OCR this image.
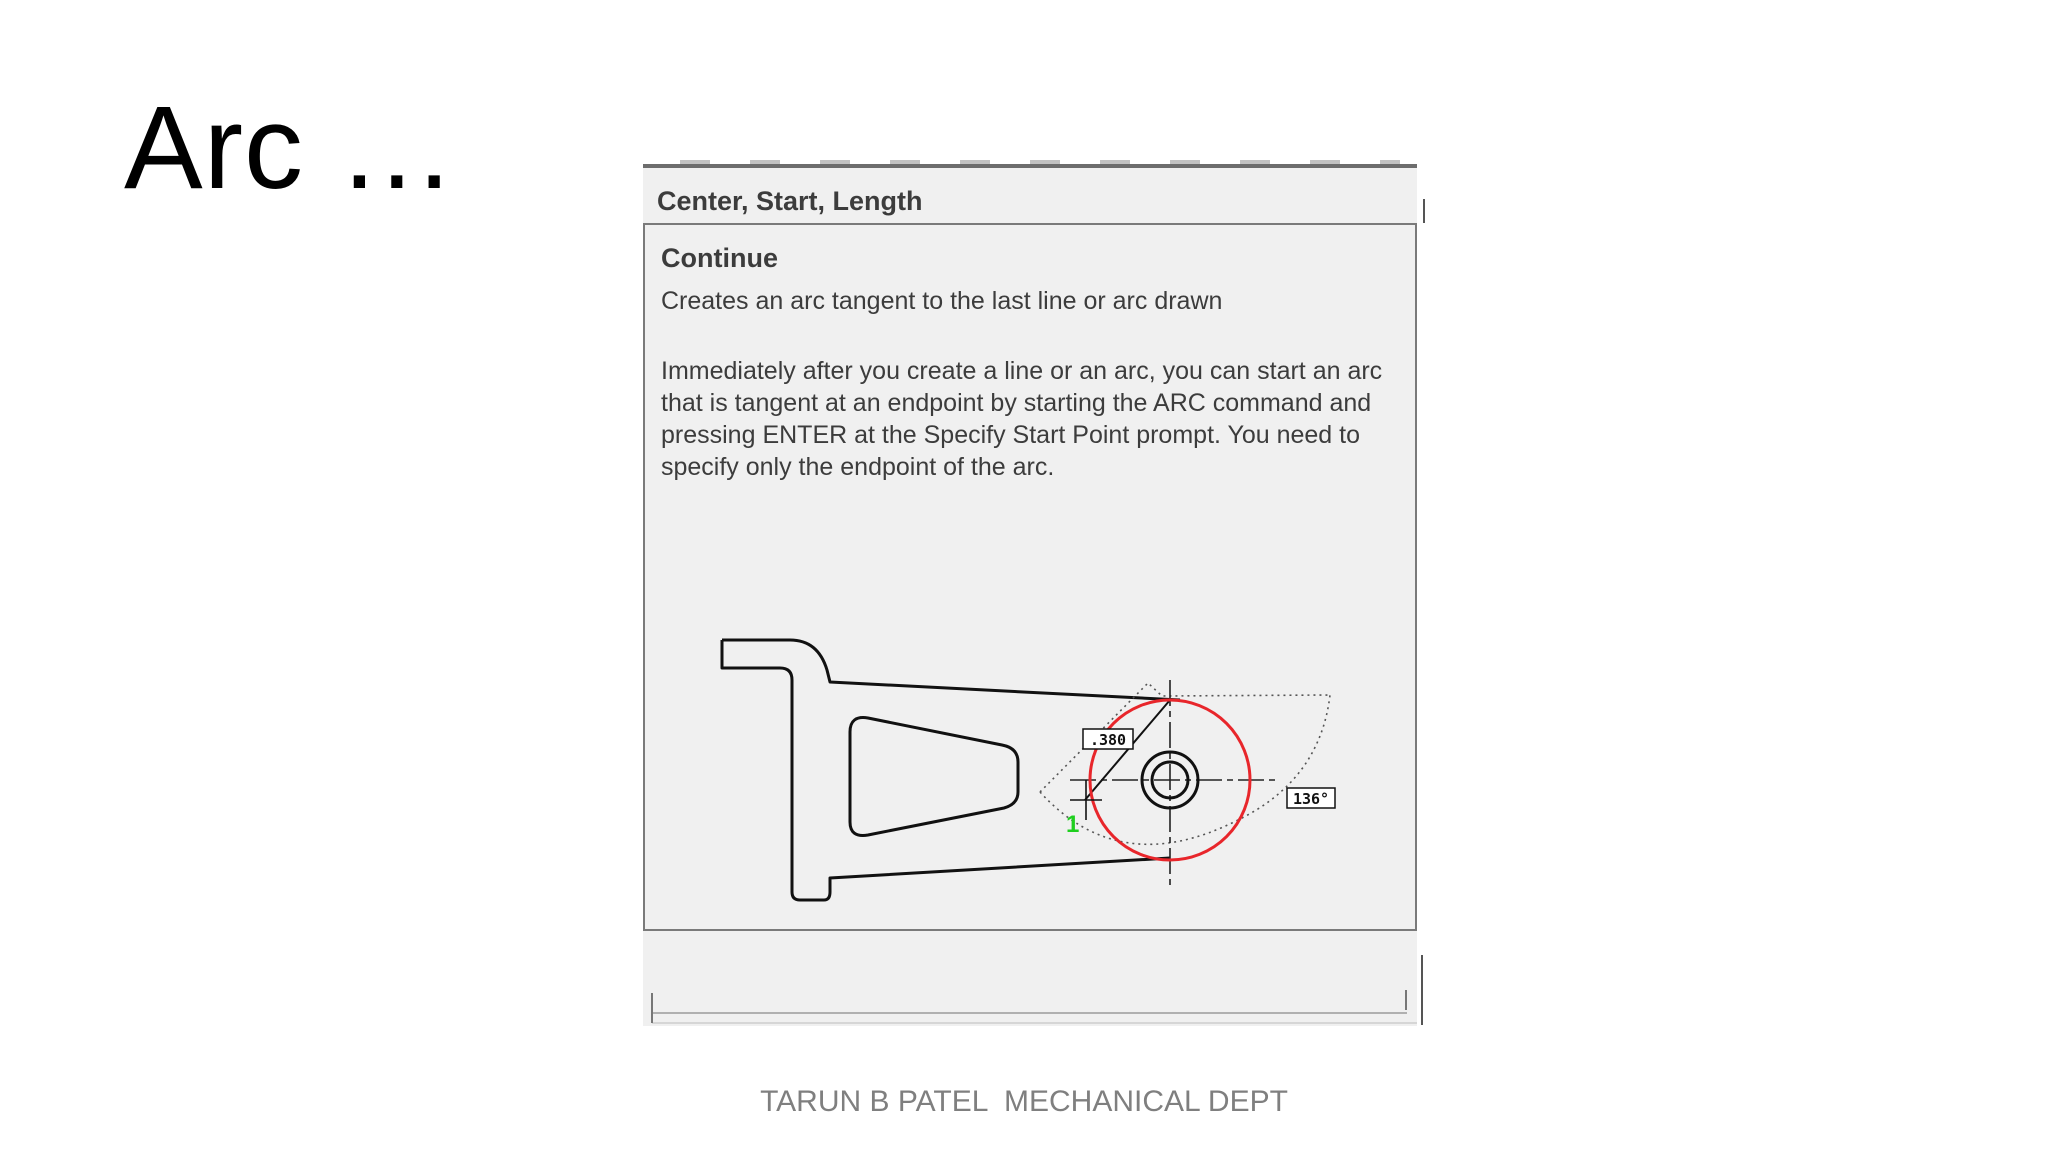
Arc …	Center, Start, Length
Continue
Creates an arc tangent to the last line or arc drawn
Immediately after you create a line or an arc, you can start an arc that is tangent at an endpoint by starting the ARC command and pressing ENTER at the Specify Start Point prompt. You need to specify only the endpoint of the arc.
.380
136°
1
TARUN B PATEL  MECHANICAL DEPT
